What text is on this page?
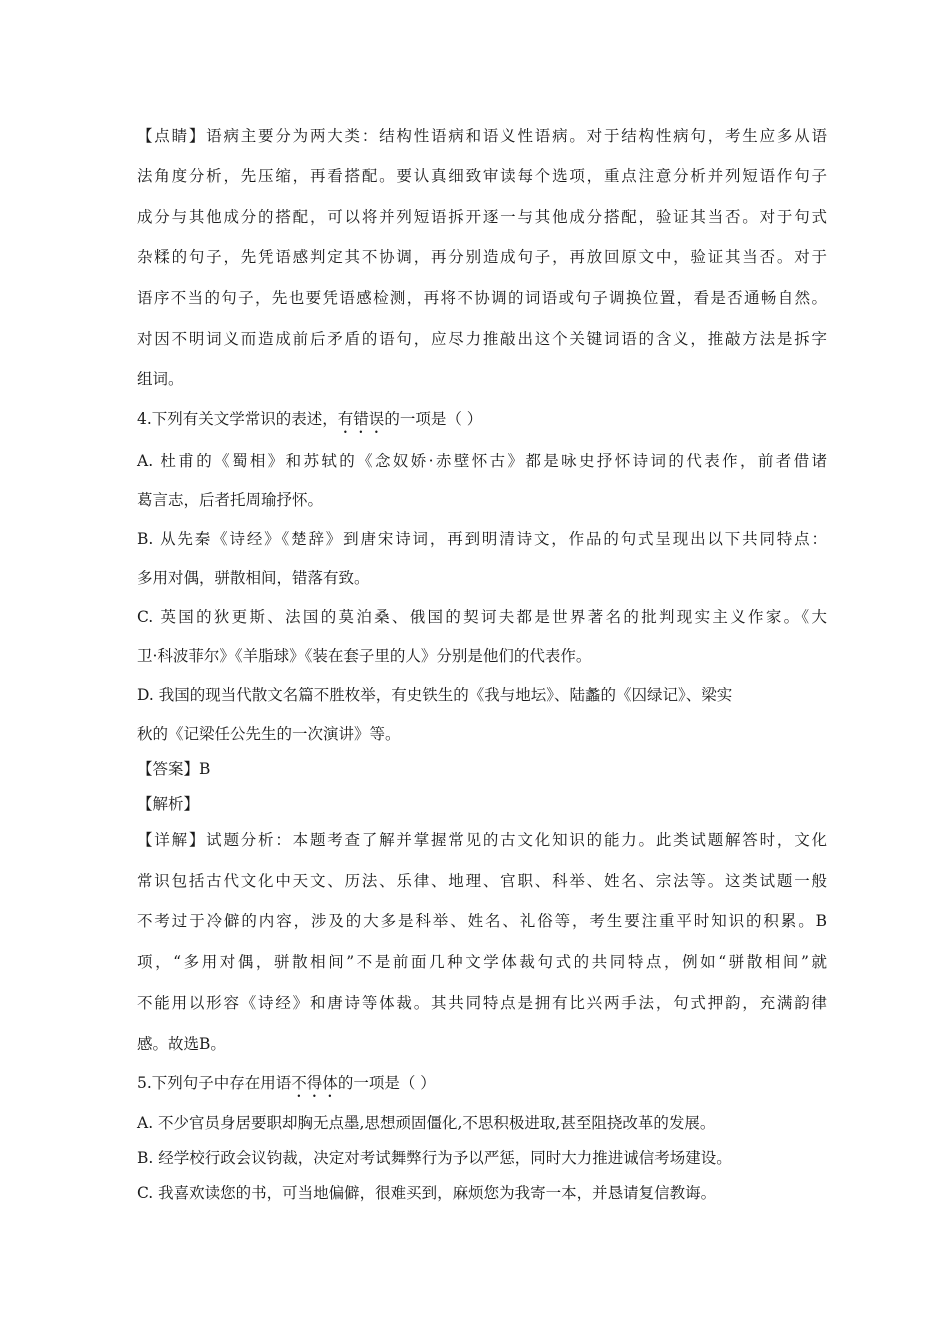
【点睛】语病主要分为两大类：结构性语病和语义性语病。对于结构性病句，考生应多从语
法角度分析，先压缩，再看搭配。要认真细致审读每个选项，重点注意分析并列短语作句子
成分与其他成分的搭配，可以将并列短语拆开逐一与其他成分搭配，验证其当否。对于句式
杂糅的句子，先凭语感判定其不协调，再分别造成句子，再放回原文中，验证其当否。对于
语序不当的句子，先也要凭语感检测，再将不协调的词语或句子调换位置，看是否通畅自然。
对因不明词义而造成前后矛盾的语句，应尽力推敲出这个关键词语的含义，推敲方法是拆字
组词。
4.下列有关文学常识的表述，有错误的一项是（ ）
A. 杜甫的《蜀相》和苏轼的《念奴娇·赤壁怀古》都是咏史抒怀诗词的代表作，前者借诸
葛言志，后者托周瑜抒怀。
B. 从先秦《诗经》《楚辞》到唐宋诗词，再到明清诗文，作品的句式呈现出以下共同特点：
多用对偶，骈散相间，错落有致。
C. 英国的狄更斯、法国的莫泊桑、俄国的契诃夫都是世界著名的批判现实主义作家。《大
卫·科波菲尔》《羊脂球》《装在套子里的人》分别是他们的代表作。
D. 我国的现当代散文名篇不胜枚举，有史铁生的《我与地坛》、陆蠡的《囚绿记》、梁实
秋的《记梁任公先生的一次演讲》等。
【答案】B
【解析】
【详解】试题分析：本题考查了解并掌握常见的古文化知识的能力。此类试题解答时，文化
常识包括古代文化中天文、历法、乐律、地理、官职、科举、姓名、宗法等。这类试题一般
不考过于冷僻的内容，涉及的大多是科举、姓名、礼俗等，考生要注重平时知识的积累。B
项，“多用对偶，骈散相间”不是前面几种文学体裁句式的共同特点，例如“骈散相间”就
不能用以形容《诗经》和唐诗等体裁。其共同特点是拥有比兴两手法，句式押韵，充满韵律
感。故选B。
5.下列句子中存在用语不得体的一项是（ ）
A. 不少官员身居要职却胸无点墨,思想顽固僵化,不思积极进取,甚至阻挠改革的发展。
B. 经学校行政会议钧裁，决定对考试舞弊行为予以严惩，同时大力推进诚信考场建设。
C. 我喜欢读您的书，可当地偏僻，很难买到，麻烦您为我寄一本，并恳请复信教诲。
